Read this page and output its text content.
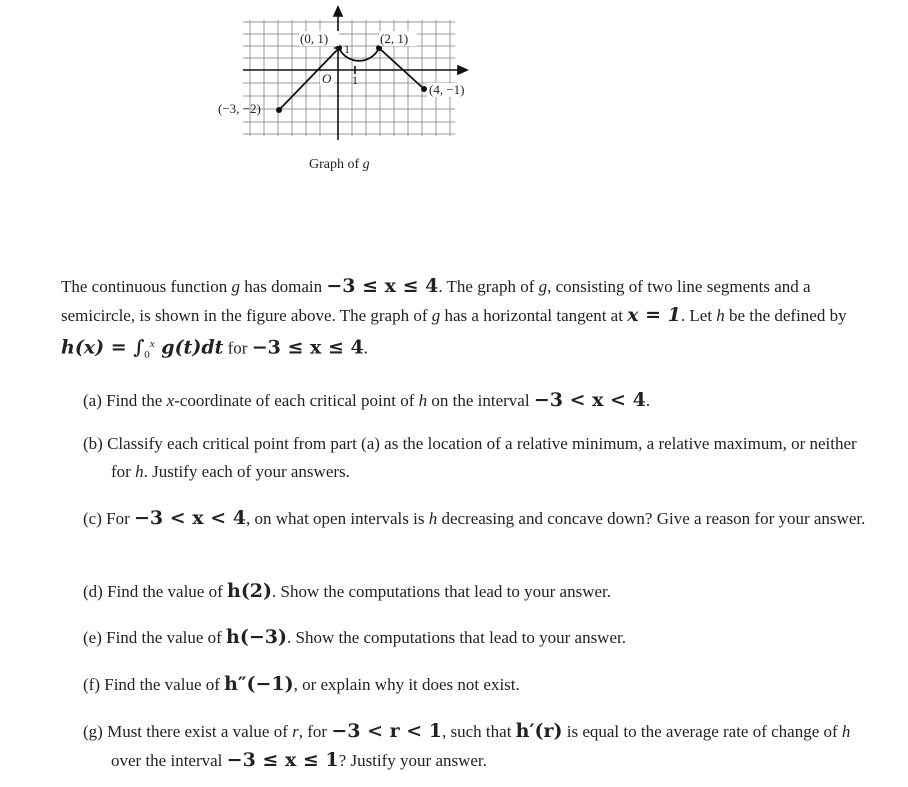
(0, 1)	(2, 1)
1
O 1
(4, −1)
(−3, −2)
Graph of g

The continuous function g has domain −3 ≤ x ≤ 4. The graph of g, consisting of two line segments and a semicircle, is shown in the figure above. The graph of g has a horizontal tangent at x = 1. Let h be the defined by $h(x) = \int_0^x$ g(t)dt for −3 ≤ x ≤ 4.

(a) Find the x-coordinate of each critical point of h on the interval −3 < x < 4.
(b) Classify each critical point from part (a) as the location of a relative minimum, a relative maximum, or neither for h. Justify each of your answers.
(c) For −3 < x < 4, on what open intervals is h decreasing and concave down? Give a reason for your answer.
(d) Find the value of h(2). Show the computations that lead to your answer.
(e) Find the value of h(−3). Show the computations that lead to your answer.
(f) Find the value of h″(−1), or explain why it does not exist.
(g) Must there exist a value of r, for −3 < r < 1, such that h′(r) is equal to the average rate of change of h over the interval −3 ≤ x ≤ 1? Justify your answer.
